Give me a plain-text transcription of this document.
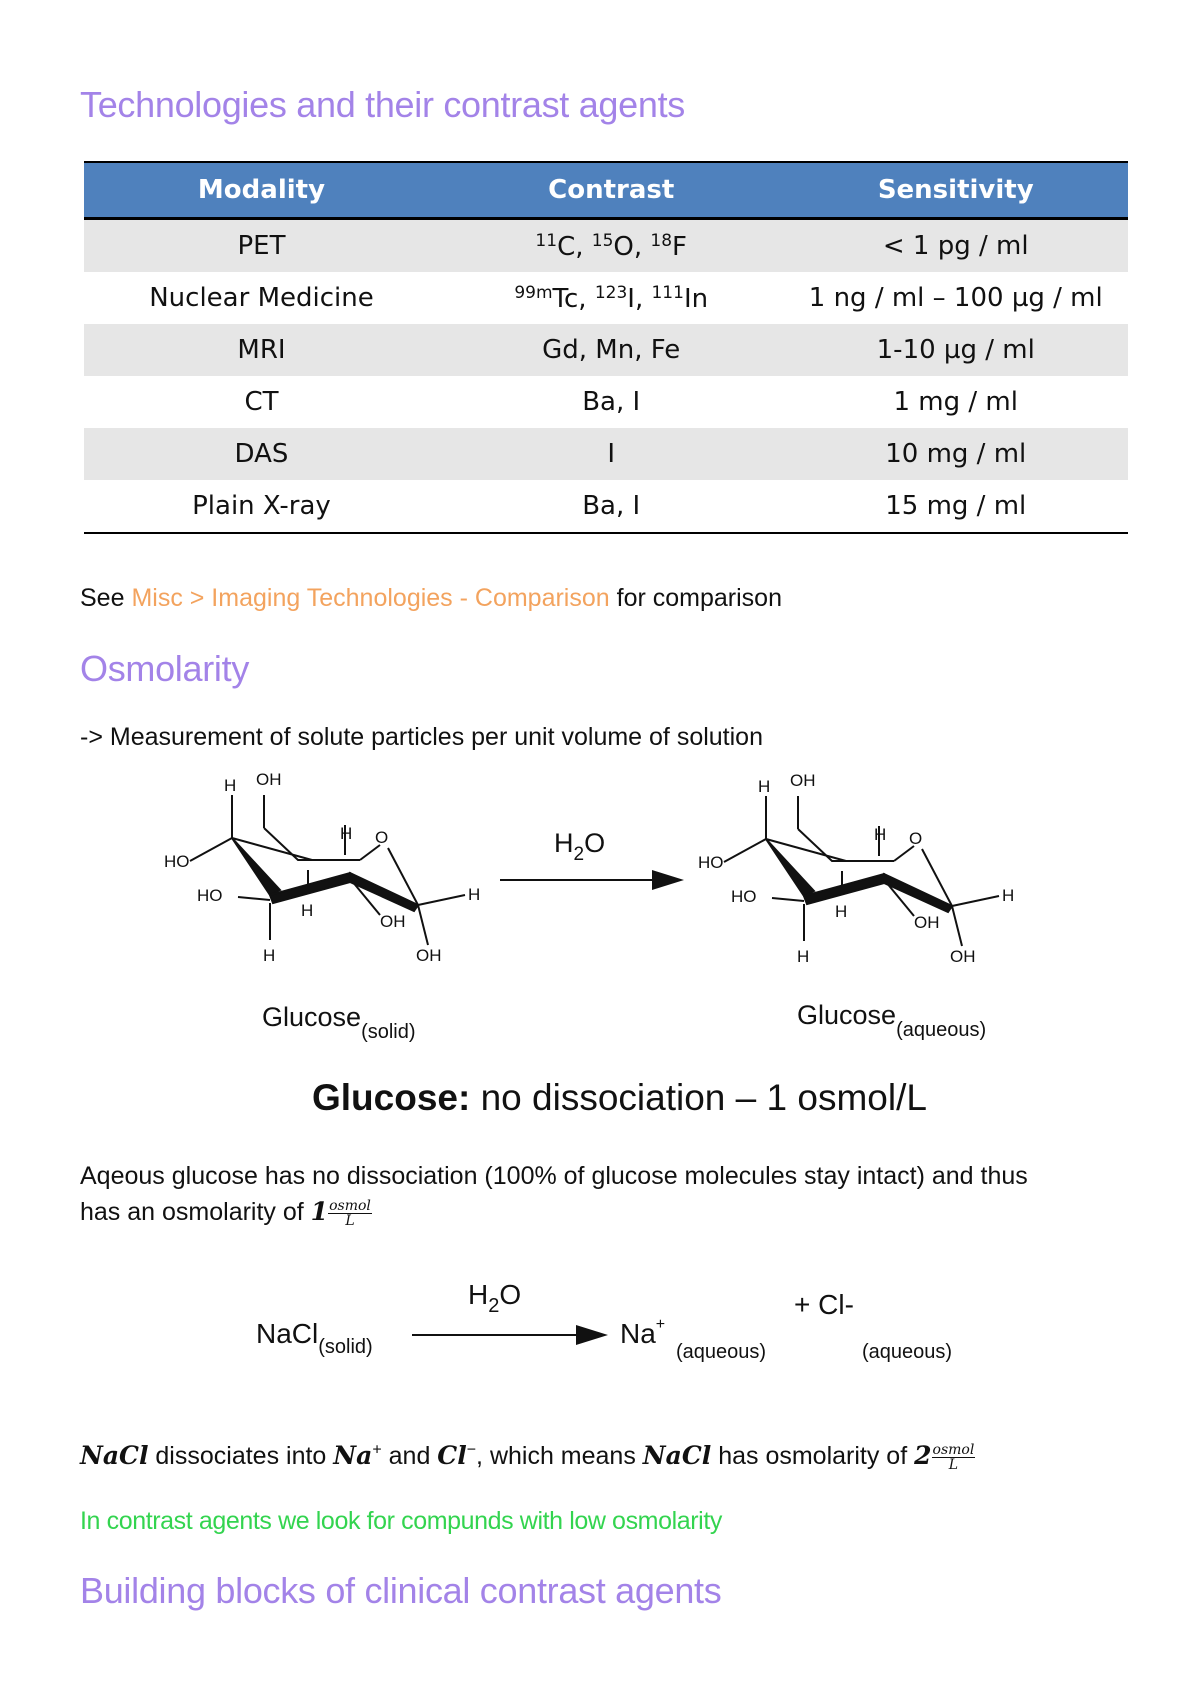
Technologies and their contrast agents
Modality	Contrast	Sensitivity
PET	$^{11}$C, $^{15}$O, $^{18}$F	< 1 pg / ml
Nuclear Medicine	$^{99m}$Tc, $^{123}$I, $^{111}$In	1 ng / ml – 100 µg / ml
MRI	Gd, Mn, Fe	1-10 µg / ml
CT	Ba, I	1 mg / ml
DAS	I	10 mg / ml
Plain X-ray	Ba, I	15 mg / ml
See Misc > Imaging Technologies - Comparison for comparison
Osmolarity
-> Measurement of solute particles per unit volume of solution
H OH
HO
HO
H O
H
OH
H
H	OH
$H_2O$
H OH
HO
HO
H O
H
OH
H
H	OH
Glucose$_{(solid)}$
Glucose$_{(aqueous)}$
Glucose: no dissociation – 1 osmol/L
Aqeous glucose has no dissociation (100% of glucose molecules stay intact) and thus
has an osmolarity of $1 \frac{\text{osmol}}{L}$
NaCl$_{(solid)}$
$H_2O$
Na+
(aqueous)
+ Cl-
(aqueous)
NaCl dissociates into Na+ and Cl−, which means NaCl has osmolarity of $2 \frac{\text{osmol}}{L}$
In contrast agents we look for compunds with low osmolarity
Building blocks of clinical contrast agents
